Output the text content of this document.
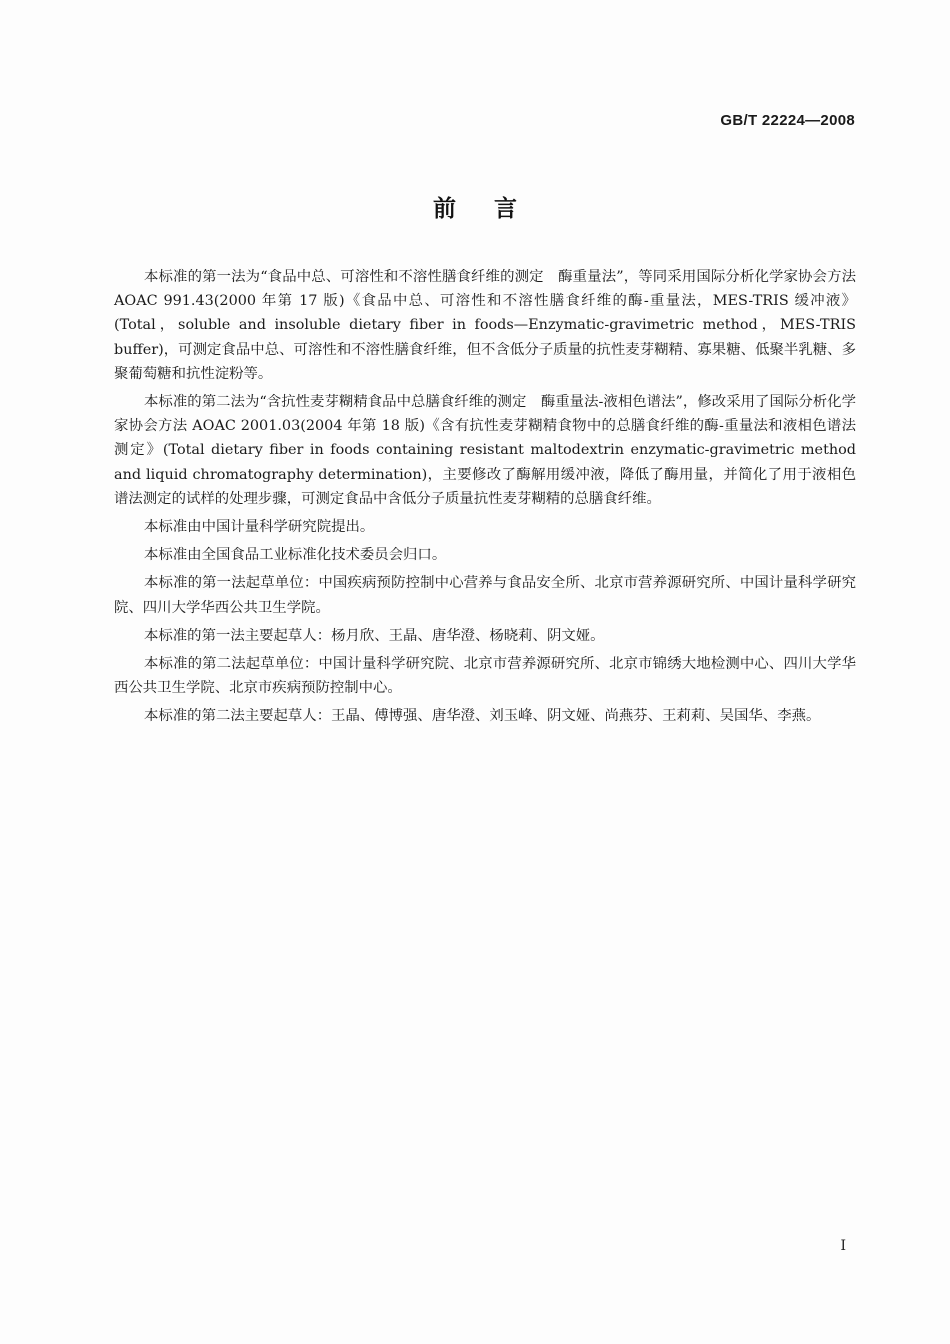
GB/T 22224—2008
前言

本标准的第一法为“食品中总、可溶性和不溶性膳食纤维的测定　酶重量法”，等同采用国际分析化学家协会方法 AOAC 991.43(2000 年第 17 版)《食品中总、可溶性和不溶性膳食纤维的酶-重量法，MES-TRIS 缓冲液》(Total，soluble and insoluble dietary fiber in foods—Enzymatic-gravimetric method，MES-TRIS buffer)，可测定食品中总、可溶性和不溶性膳食纤维，但不含低分子质量的抗性麦芽糊精、寡果糖、低聚半乳糖、多聚葡萄糖和抗性淀粉等。

本标准的第二法为“含抗性麦芽糊精食品中总膳食纤维的测定　酶重量法-液相色谱法”，修改采用了国际分析化学家协会方法 AOAC 2001.03(2004 年第 18 版)《含有抗性麦芽糊精食物中的总膳食纤维的酶-重量法和液相色谱法测定》(Total dietary fiber in foods containing resistant maltodextrin enzymatic-gravimetric method and liquid chromatography determination)，主要修改了酶解用缓冲液，降低了酶用量，并简化了用于液相色谱法测定的试样的处理步骤，可测定食品中含低分子质量抗性麦芽糊精的总膳食纤维。

本标准由中国计量科学研究院提出。

本标准由全国食品工业标准化技术委员会归口。

本标准的第一法起草单位：中国疾病预防控制中心营养与食品安全所、北京市营养源研究所、中国计量科学研究院、四川大学华西公共卫生学院。

本标准的第一法主要起草人：杨月欣、王晶、唐华澄、杨晓莉、阴文娅。

本标准的第二法起草单位：中国计量科学研究院、北京市营养源研究所、北京市锦绣大地检测中心、四川大学华西公共卫生学院、北京市疾病预防控制中心。

本标准的第二法主要起草人：王晶、傅博强、唐华澄、刘玉峰、阴文娅、尚燕芬、王莉莉、吴国华、李燕。

I
